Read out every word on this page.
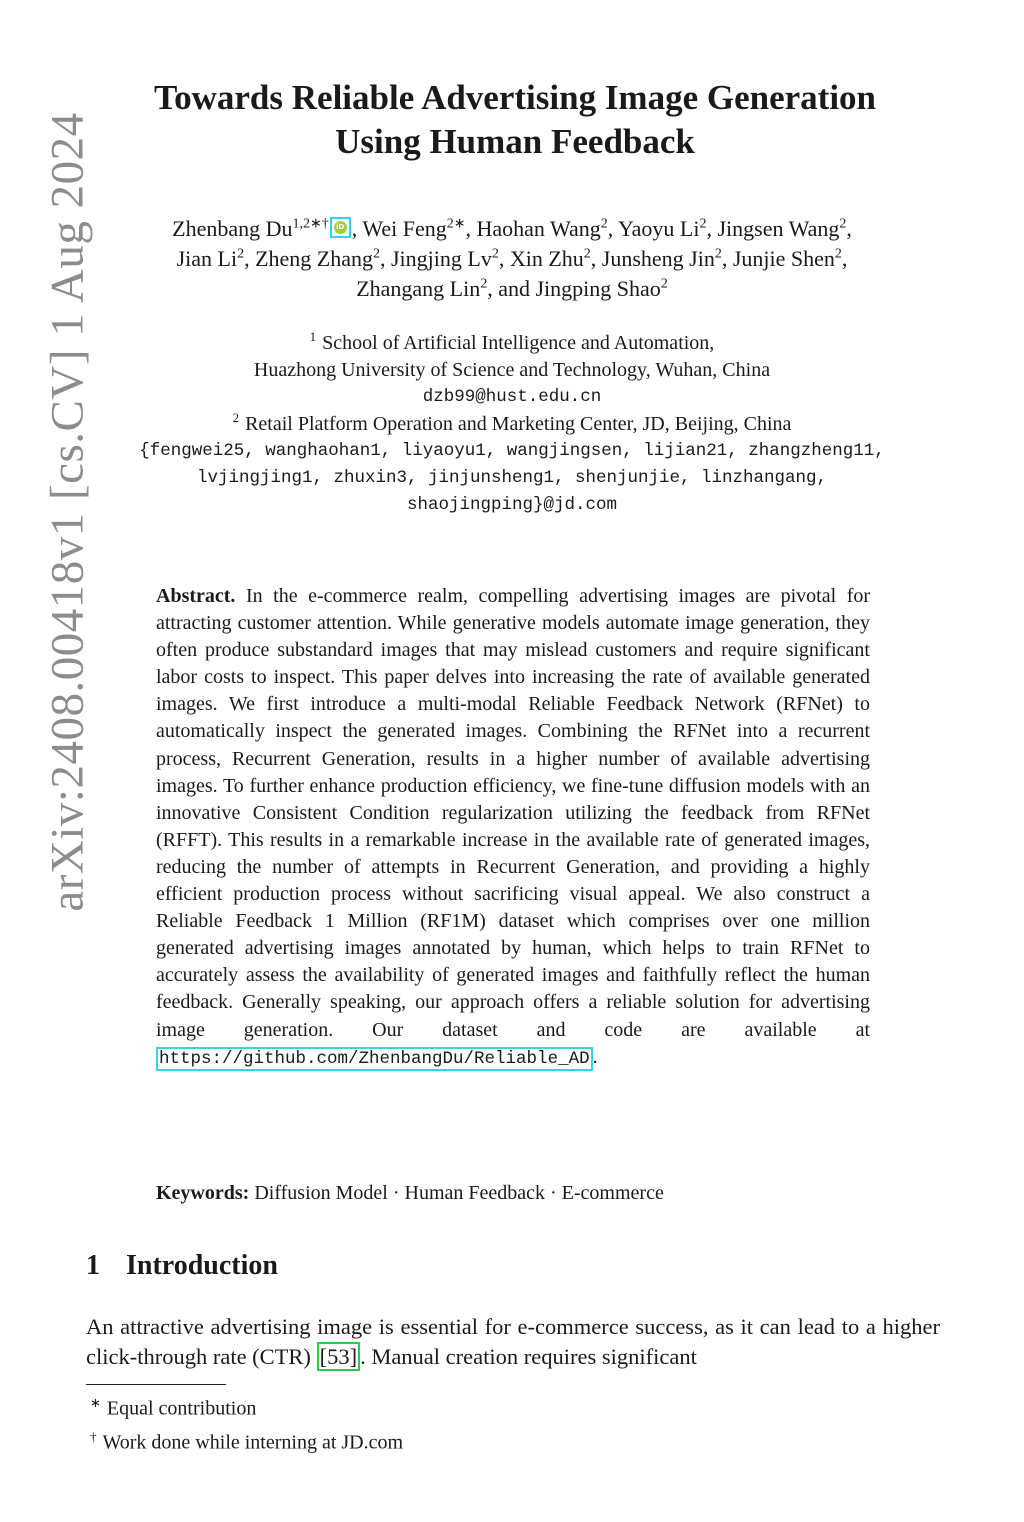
arXiv:2408.00418v1 [cs.CV] 1 Aug 2024
Towards Reliable Advertising Image Generation
Using Human Feedback
Zhenbang $Du^{1,2∗\dagger}$	iD , Wei Feng$^{2∗}$, Haohan Wang$^2$, Yaoyu Li$^2$, Jingsen Wang$^2$,
Jian Li$^2$, Zheng Zhang$^2$, Jingjing Lv$^2$, Xin Zhu$^2$, Junsheng Jin$^2$, Junjie Shen$^2$,
Zhangang Lin$^2$, and Jingping Shao$^2$
$^1$ School of Artificial Intelligence and Automation,
Huazhong University of Science and Technology, Wuhan, China
dzb99@hust.edu.cn
$^2$ Retail Platform Operation and Marketing Center, JD, Beijing, China
{fengwei25, wanghaohan1, liyaoyu1, wangjingsen, lijian21, zhangzheng11,
lvjingjing1, zhuxin3, jinjunsheng1, shenjunjie, linzhangang,
shaojingping}@jd.com
Abstract. In the e-commerce realm, compelling advertising images are pivotal for attracting customer attention. While generative models automate image generation, they often produce substandard images that may mislead customers and require significant labor costs to inspect. This paper delves into increasing the rate of available generated images. We first introduce a multi-modal Reliable Feedback Network (RFNet) to automatically inspect the generated images. Combining the RFNet into a recurrent process, Recurrent Generation, results in a higher number of available advertising images. To further enhance production efficiency, we fine-tune diffusion models with an innovative Consistent Condition regularization utilizing the feedback from RFNet (RFFT). This results in a remarkable increase in the available rate of generated images, reducing the number of attempts in Recurrent Generation, and providing a highly efficient production process without sacrificing visual appeal. We also construct a Reliable Feedback 1 Million (RF1M) dataset which comprises over one million generated advertising images annotated by human, which helps to train RFNet to accurately assess the availability of generated images and faithfully reflect the human feedback. Generally speaking, our approach offers a reliable solution for advertising image generation. Our dataset and code are available at https://github.com/ZhenbangDu/Reliable_AD .
Keywords: Diffusion Model · Human Feedback · E-commerce
1 Introduction
An attractive advertising image is essential for e-commerce success, as it can lead to a higher click-through rate (CTR) [53] . Manual creation requires significant
∗ Equal contribution
† Work done while interning at JD.com
